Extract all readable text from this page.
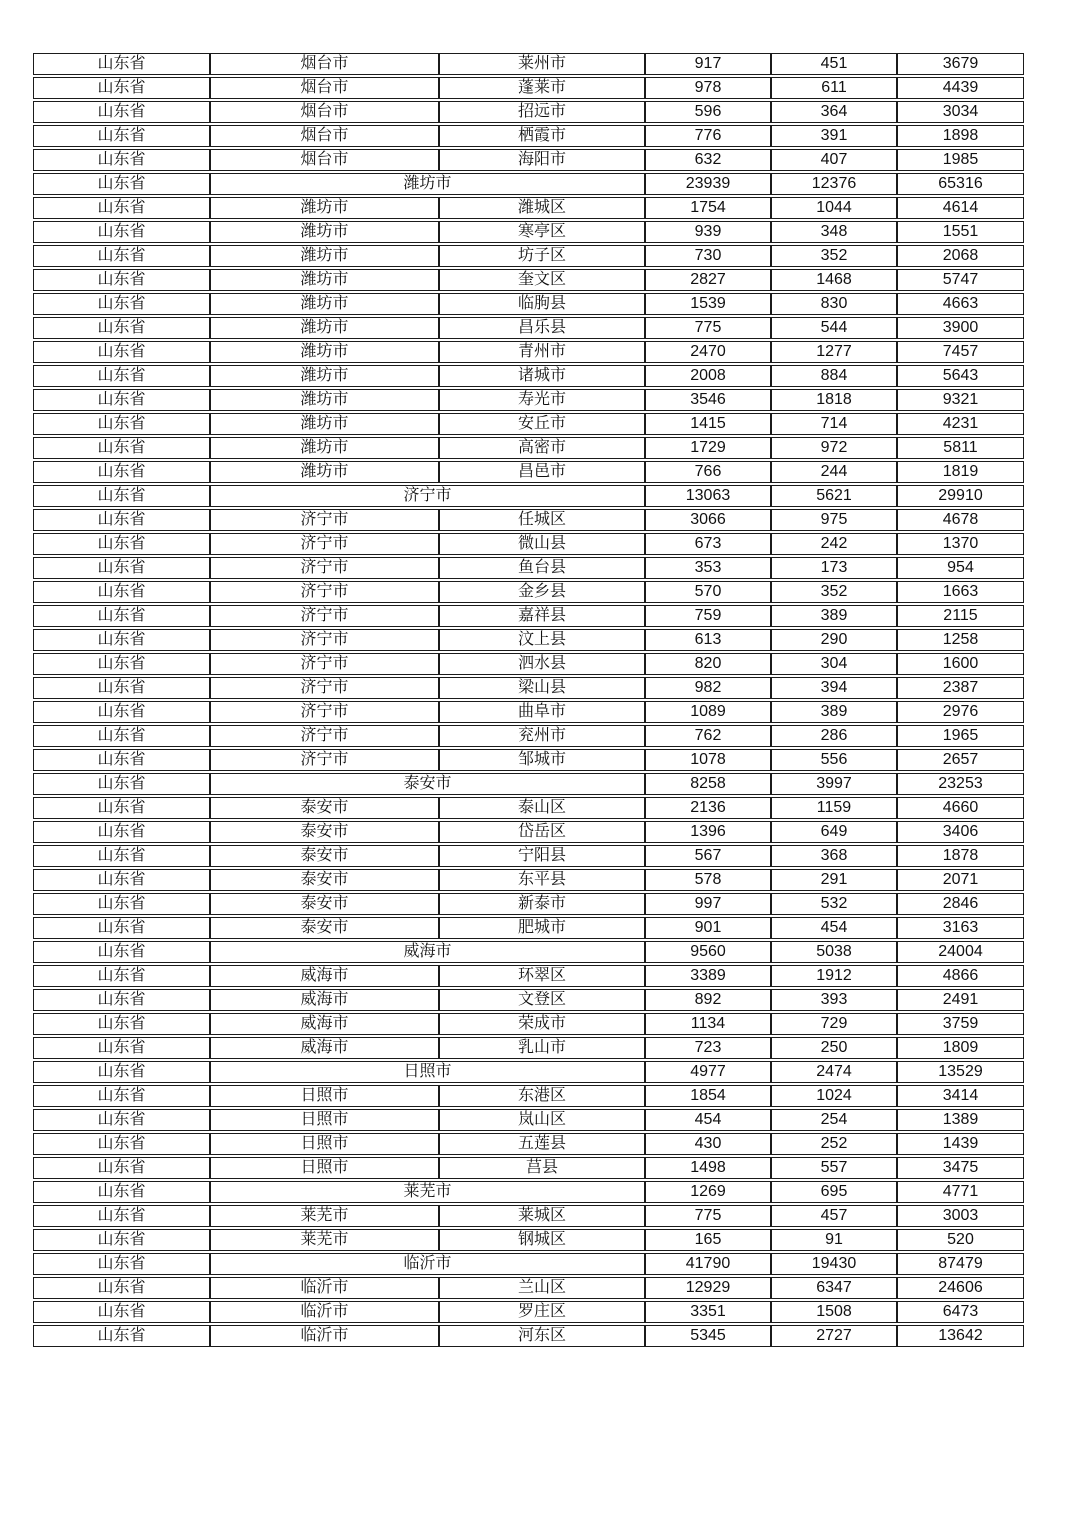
山东省	烟台市	莱州市	917	451	3679
山东省	烟台市	蓬莱市	978	611	4439
山东省	烟台市	招远市	596	364	3034
山东省	烟台市	栖霞市	776	391	1898
山东省	烟台市	海阳市	632	407	1985
山东省	潍坊市		23939	12376	65316
山东省	潍坊市	潍城区	1754	1044	4614
山东省	潍坊市	寒亭区	939	348	1551
山东省	潍坊市	坊子区	730	352	2068
山东省	潍坊市	奎文区	2827	1468	5747
山东省	潍坊市	临朐县	1539	830	4663
山东省	潍坊市	昌乐县	775	544	3900
山东省	潍坊市	青州市	2470	1277	7457
山东省	潍坊市	诸城市	2008	884	5643
山东省	潍坊市	寿光市	3546	1818	9321
山东省	潍坊市	安丘市	1415	714	4231
山东省	潍坊市	高密市	1729	972	5811
山东省	潍坊市	昌邑市	766	244	1819
山东省	济宁市		13063	5621	29910
山东省	济宁市	任城区	3066	975	4678
山东省	济宁市	微山县	673	242	1370
山东省	济宁市	鱼台县	353	173	954
山东省	济宁市	金乡县	570	352	1663
山东省	济宁市	嘉祥县	759	389	2115
山东省	济宁市	汶上县	613	290	1258
山东省	济宁市	泗水县	820	304	1600
山东省	济宁市	梁山县	982	394	2387
山东省	济宁市	曲阜市	1089	389	2976
山东省	济宁市	兖州市	762	286	1965
山东省	济宁市	邹城市	1078	556	2657
山东省	泰安市		8258	3997	23253
山东省	泰安市	泰山区	2136	1159	4660
山东省	泰安市	岱岳区	1396	649	3406
山东省	泰安市	宁阳县	567	368	1878
山东省	泰安市	东平县	578	291	2071
山东省	泰安市	新泰市	997	532	2846
山东省	泰安市	肥城市	901	454	3163
山东省	威海市		9560	5038	24004
山东省	威海市	环翠区	3389	1912	4866
山东省	威海市	文登区	892	393	2491
山东省	威海市	荣成市	1134	729	3759
山东省	威海市	乳山市	723	250	1809
山东省	日照市		4977	2474	13529
山东省	日照市	东港区	1854	1024	3414
山东省	日照市	岚山区	454	254	1389
山东省	日照市	五莲县	430	252	1439
山东省	日照市	莒县	1498	557	3475
山东省	莱芜市		1269	695	4771
山东省	莱芜市	莱城区	775	457	3003
山东省	莱芜市	钢城区	165	91	520
山东省	临沂市		41790	19430	87479
山东省	临沂市	兰山区	12929	6347	24606
山东省	临沂市	罗庄区	3351	1508	6473
山东省	临沂市	河东区	5345	2727	13642
